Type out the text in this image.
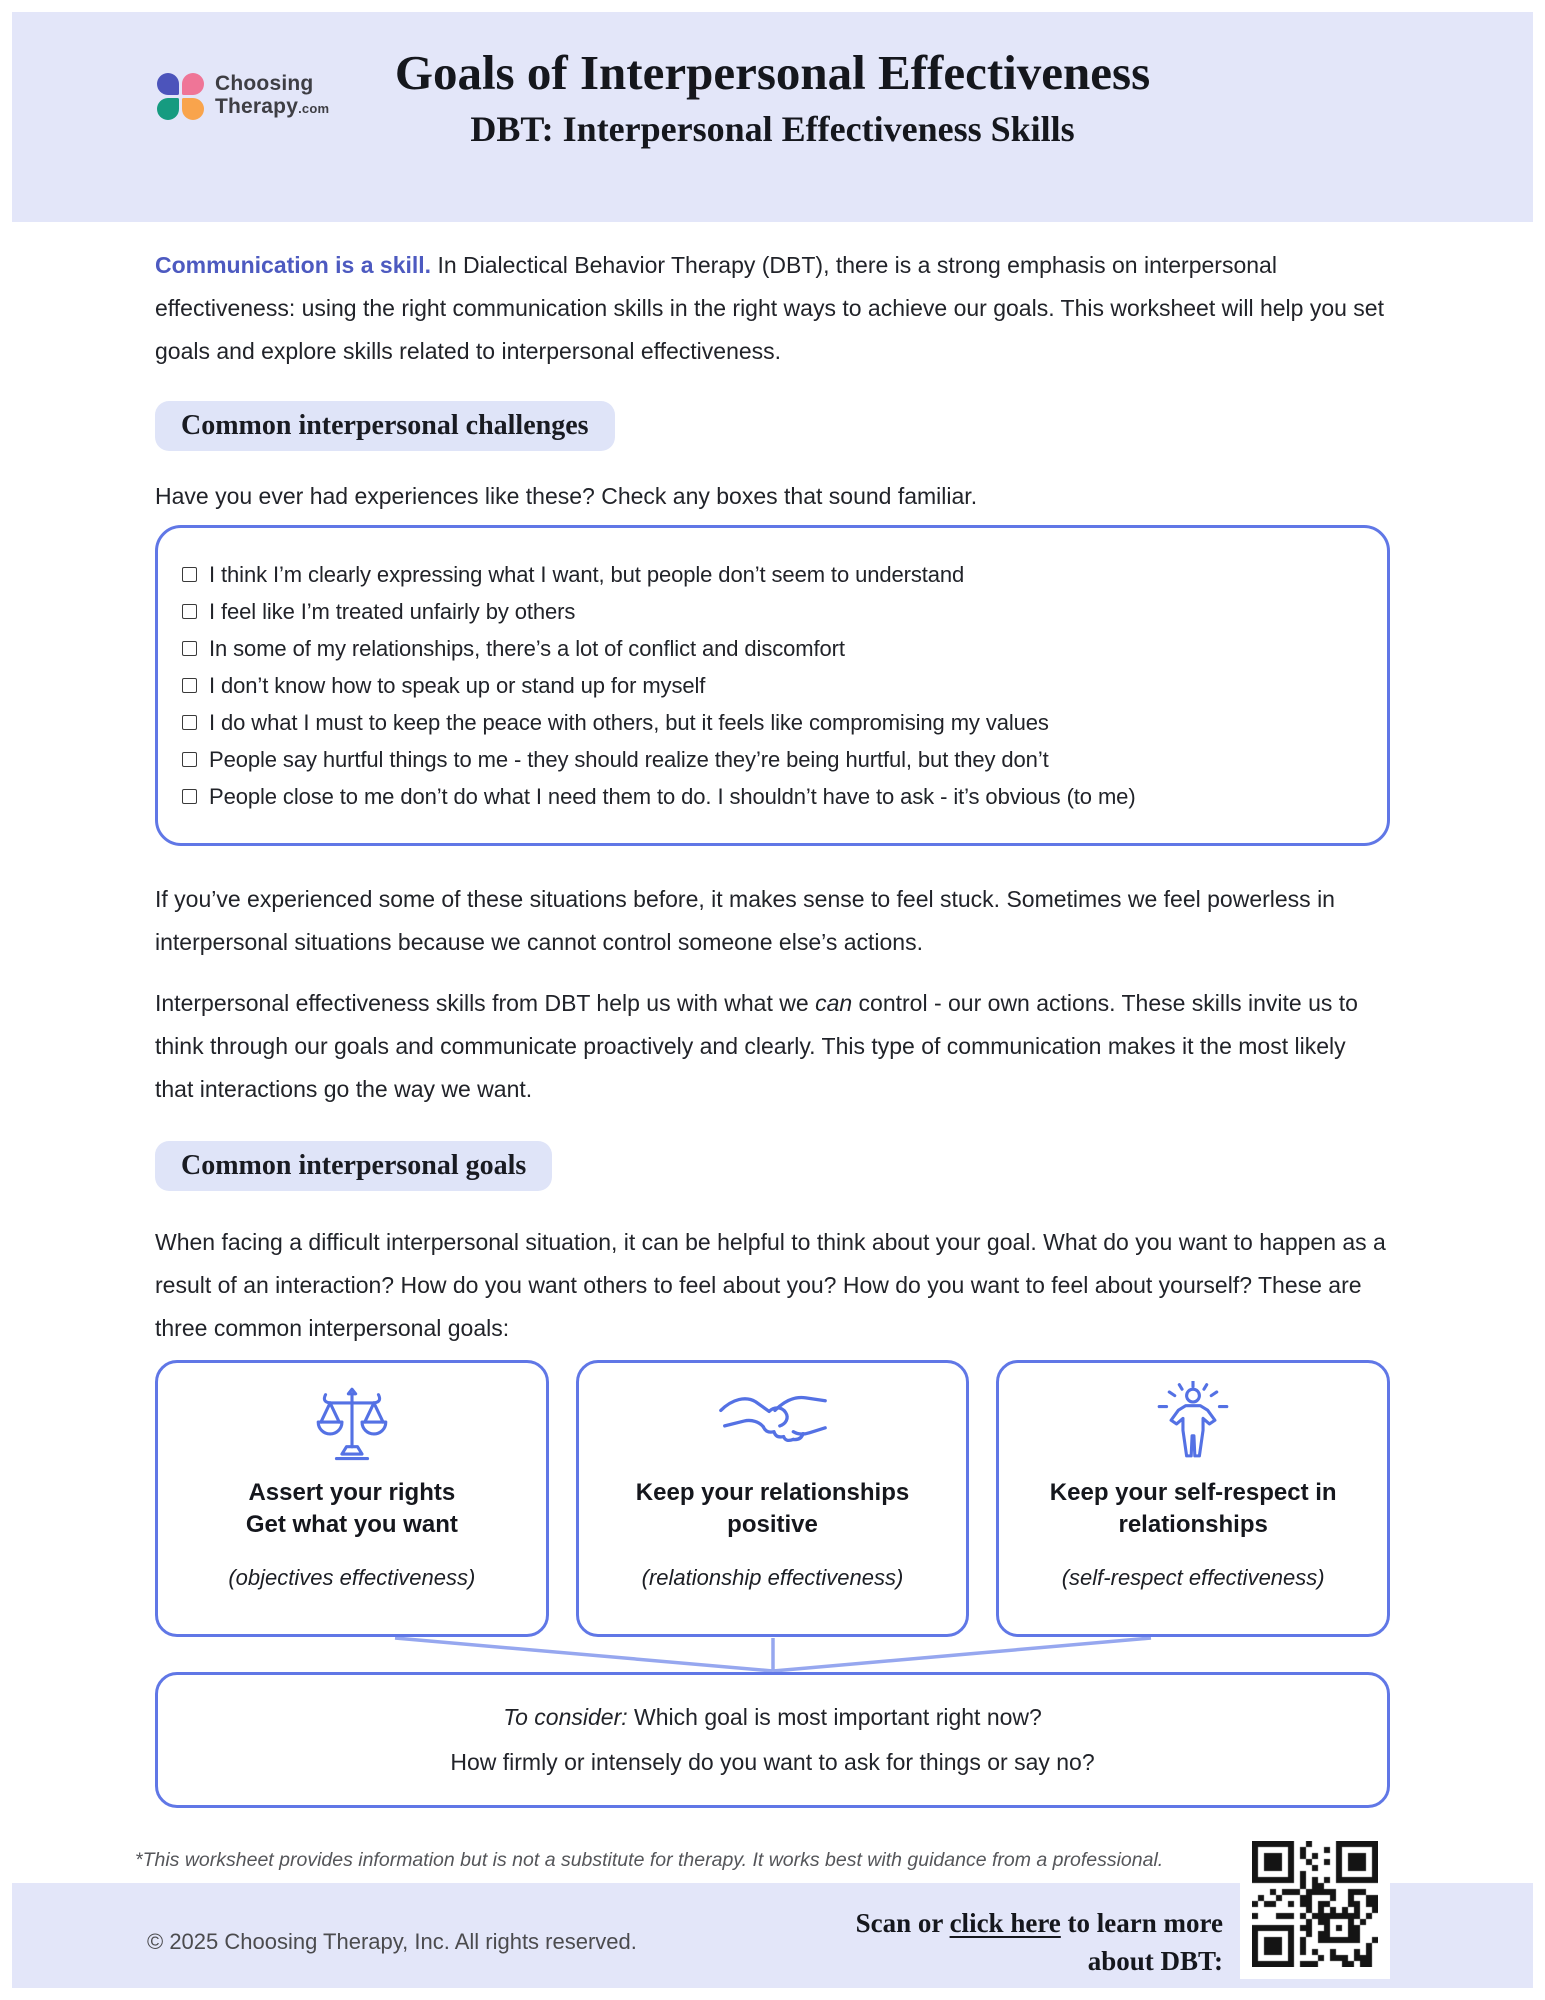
Choosing
Therapy.com
Goals of Interpersonal Effectiveness
DBT: Interpersonal Effectiveness Skills

Communication is a skill. In Dialectical Behavior Therapy (DBT), there is a strong emphasis on interpersonal effectiveness: using the right communication skills in the right ways to achieve our goals. This worksheet will help you set goals and explore skills related to interpersonal effectiveness.

Common interpersonal challenges

Have you ever had experiences like these? Check any boxes that sound familiar.

I think I’m clearly expressing what I want, but people don’t seem to understand
I feel like I’m treated unfairly by others
In some of my relationships, there’s a lot of conflict and discomfort
I don’t know how to speak up or stand up for myself
I do what I must to keep the peace with others, but it feels like compromising my values
People say hurtful things to me - they should realize they’re being hurtful, but they don’t
People close to me don’t do what I need them to do. I shouldn’t have to ask - it’s obvious (to me)

If you’ve experienced some of these situations before, it makes sense to feel stuck. Sometimes we feel powerless in interpersonal situations because we cannot control someone else’s actions.

Interpersonal effectiveness skills from DBT help us with what we can control - our own actions. These skills invite us to think through our goals and communicate proactively and clearly. This type of communication makes it the most likely that interactions go the way we want.

Common interpersonal goals

When facing a difficult interpersonal situation, it can be helpful to think about your goal. What do you want to happen as a result of an interaction? How do you want others to feel about you? How do you want to feel about yourself? These are three common interpersonal goals:

Assert your rights
Get what you want
(objectives effectiveness)
Keep your relationships
positive
(relationship effectiveness)
Keep your self-respect in
relationships
(self-respect effectiveness)
To consider: Which goal is most important right now?
How firmly or intensely do you want to ask for things or say no?

*This worksheet provides information but is not a substitute for therapy. It works best with guidance from a professional.

© 2025 Choosing Therapy, Inc. All rights reserved.
Scan or click here to learn more
about DBT:
